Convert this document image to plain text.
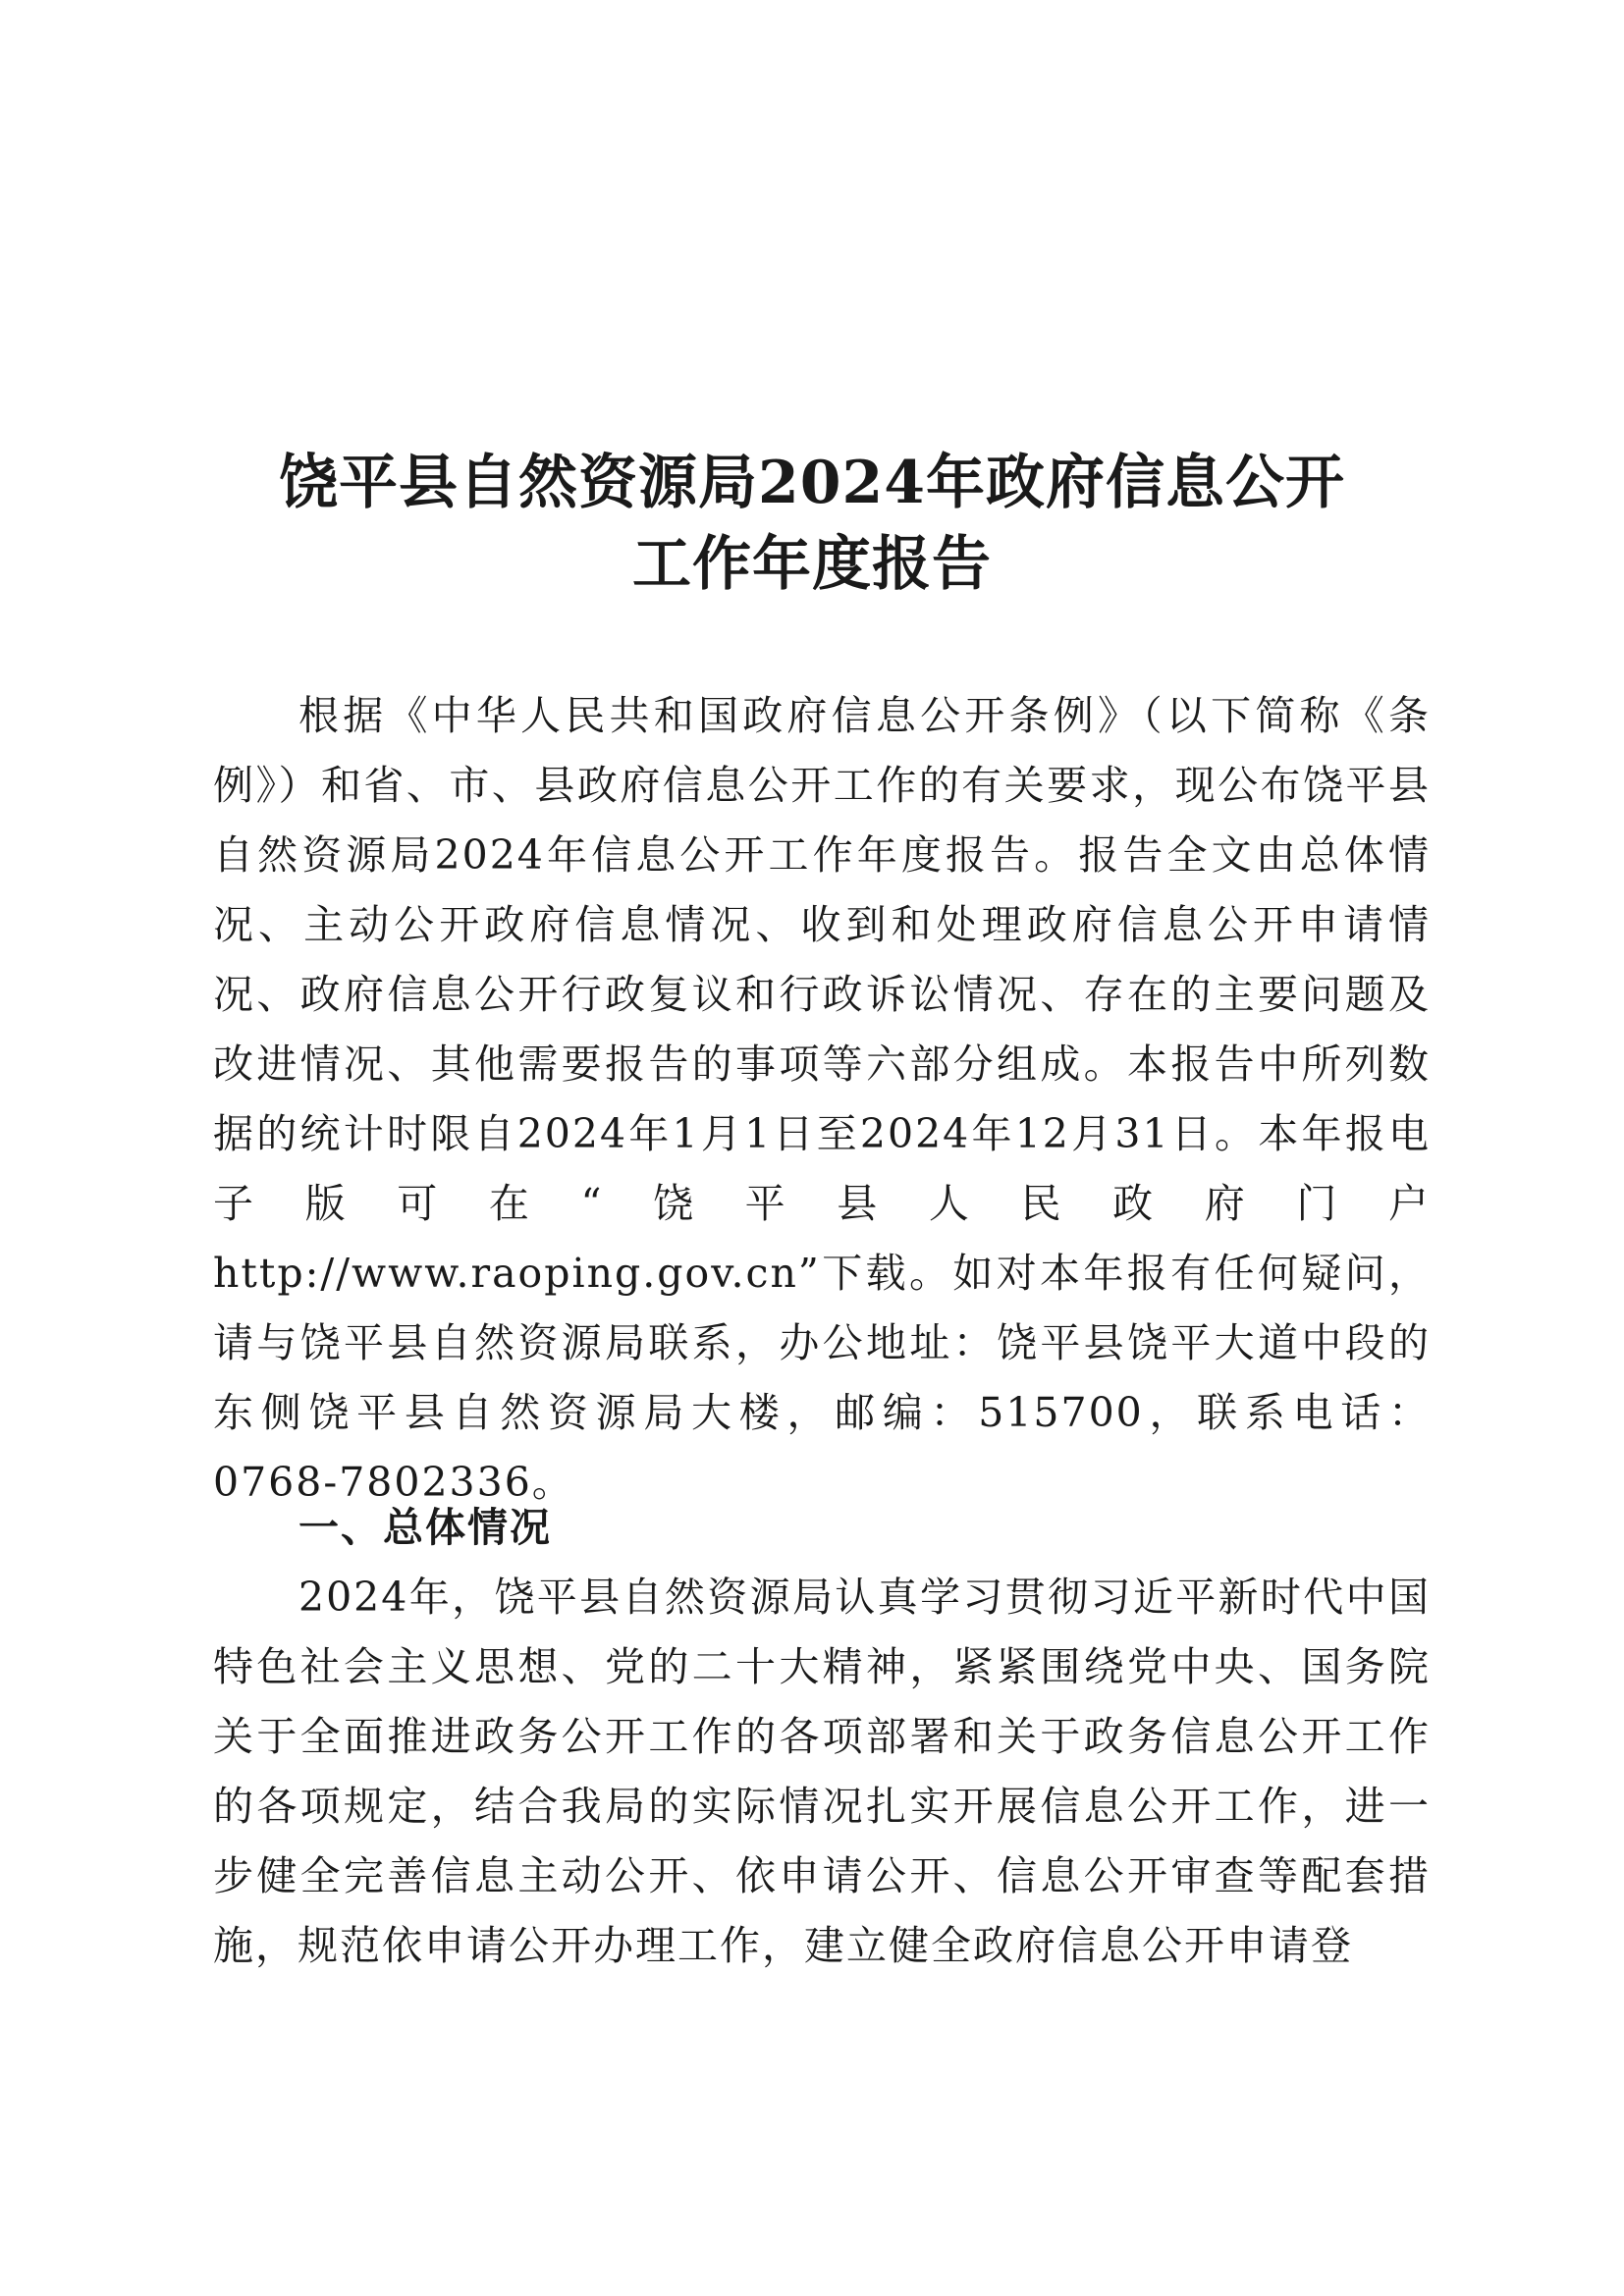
饶平县自然资源局2024年政府信息公开
工作年度报告

根据《中华人民共和国政府信息公开条例》（以下简称《条例》）和省、市、县政府信息公开工作的有关要求，现公布饶平县自然资源局2024年信息公开工作年度报告。报告全文由总体情况、主动公开政府信息情况、收到和处理政府信息公开申请情况、政府信息公开行政复议和行政诉讼情况、存在的主要问题及改进情况、其他需要报告的事项等六部分组成。本报告中所列数据的统计时限自2024年1月1日至2024年12月31日。本年报电子版可在“饶平县人民政府门户 http://www.raoping.gov.cn”下载。如对本年报有任何疑问，请与饶平县自然资源局联系，办公地址：饶平县饶平大道中段的东侧饶平县自然资源局大楼，邮编：515700，联系电话：0768-7802336。

一、总体情况

2024年，饶平县自然资源局认真学习贯彻习近平新时代中国特色社会主义思想、党的二十大精神，紧紧围绕党中央、国务院关于全面推进政务公开工作的各项部署和关于政务信息公开工作的各项规定，结合我局的实际情况扎实开展信息公开工作，进一步健全完善信息主动公开、依申请公开、信息公开审查等配套措施，规范依申请公开办理工作，建立健全政府信息公开申请登
